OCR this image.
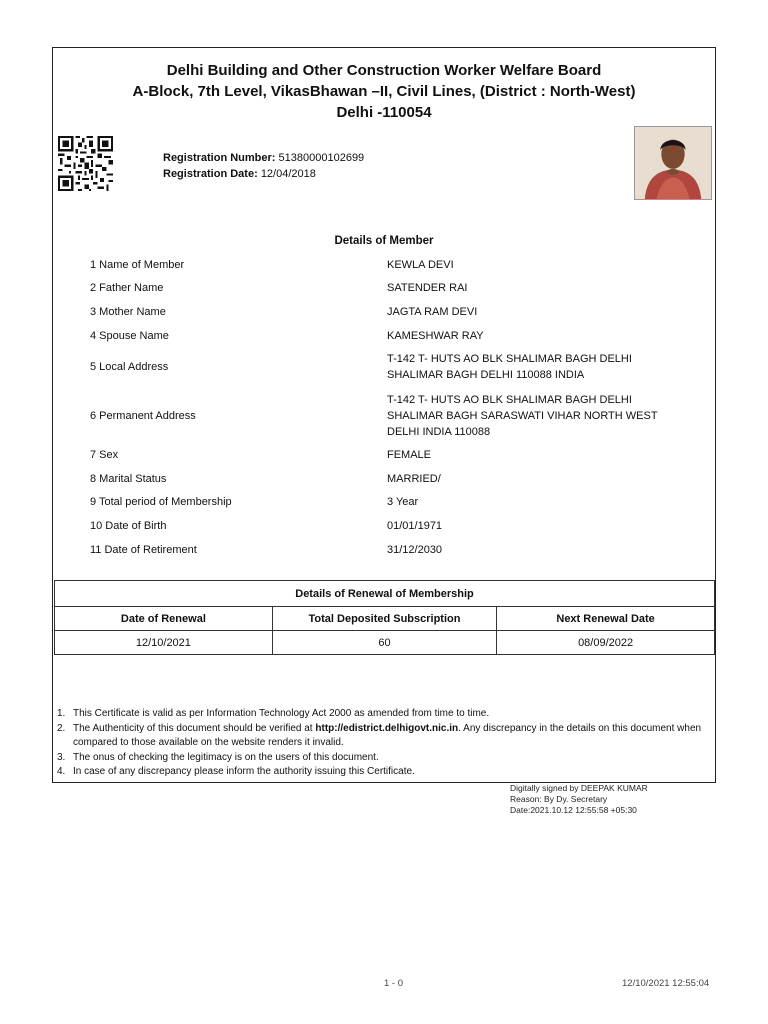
Delhi Building and Other Construction Worker Welfare Board
A-Block, 7th Level, VikasBhawan –II, Civil Lines, (District : North-West)
Delhi -110054
Registration Number: 51380000102699
Registration Date: 12/04/2018
Details of Member
1 Name of Member	KEWLA DEVI
2 Father Name	SATENDER RAI
3 Mother Name	JAGTA RAM DEVI
4 Spouse Name	KAMESHWAR RAY
5 Local Address
T-142 T- HUTS AO BLK SHALIMAR BAGH DELHI SHALIMAR BAGH DELHI 110088 INDIA
6 Permanent Address
T-142 T- HUTS AO BLK SHALIMAR BAGH DELHI SHALIMAR BAGH SARASWATI VIHAR NORTH WEST DELHI INDIA 110088
7 Sex	FEMALE
8 Marital Status	MARRIED/
9 Total period of Membership	3 Year
10 Date of Birth	01/01/1971
11 Date of Retirement	31/12/2030
Details of Renewal of Membership		
Date of Renewal	Total Deposited Subscription	Next Renewal Date
12/10/2021	60	08/09/2022
1. This Certificate is valid as per Information Technology Act 2000 as amended from time to time.
2. The Authenticity of this document should be verified at http://edistrict.delhigovt.nic.in. Any discrepancy in the details on this document when compared to those available on the website renders it invalid.
3. The onus of checking the legitimacy is on the users of this document.
4. In case of any discrepancy please inform the authority issuing this Certificate.
Digitally signed by DEEPAK KUMAR
Reason: By Dy. Secretary
Date:2021.10.12 12:55:58 +05:30
1 - 0	12/10/2021 12:55:04
